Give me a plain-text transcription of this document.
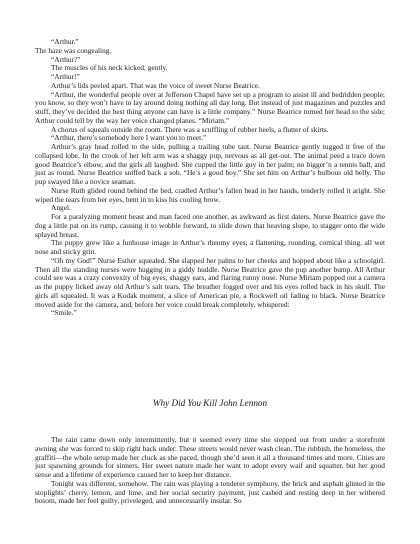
“Arthur.”

The haze was congealing.

“Arthur?”

The muscles of his neck kicked, gently.

“Arthur!”

Arthur’s lids peeled apart. That was the voice of sweet Nurse Beatrice.

“Arthur, the wonderful people over at Jefferson Chapel have set up a program to assist ill and bedridden people; you know, so they won’t have to lay around doing nothing all day long. But instead of just magazines and puzzles and stuff, they’ve decided the best thing anyone can have is a little company.” Nurse Beatrice turned her head to the side; Arthur could tell by the way her voice changed planes. “Miriam.”

A chorus of squeals outside the room. There was a scuffling of rubber heels, a flutter of skirts.

“Arthur, there’s somebody here I want you to meet.”

Arthur’s gray head rolled to the side, pulling a trailing tube taut. Nurse Beatrice gently tugged it free of the collapsed lobe. In the crook of her left arm was a shaggy pup, nervous as all get-out. The animal peed a trace down good Beatrice’s elbow, and the girls all laughed. She cupped the little guy in her palm; no bigger’n a tennis ball, and just as round. Nurse Beatrice sniffed back a sob. “He’s a good boy.” She set him on Arthur’s bulbous old belly. The pup swayed like a novice seaman.

Nurse Ruth glided round behind the bed, cradled Arthur’s fallen head in her hands, tenderly rolled it aright. She wiped the tears from her eyes, bent in to kiss his cooling brow.

Angel.

For a paralyzing moment beast and man faced one another, as awkward as first daters. Nurse Beatrice gave the dog a little pat on its rump, causing it to wobble forward, to slide down that heaving slope, to stagger onto the wide splayed breast.

The puppy grew like a funhouse image in Arthur’s rheumy eyes; a flattening, rounding, comical thing, all wet nose and sticky grin.

“Oh my God!” Nurse Esther squealed. She slapped her palms to her cheeks and hopped about like a schoolgirl. Then all the standing nurses were hugging in a giddy huddle. Nurse Beatrice gave the pup another bump. All Arthur could see was a crazy convexity of big eyes, shaggy ears, and flaring runny nose. Nurse Miriam popped out a camera as the puppy licked away old Arthur’s salt tears. The breather fogged over and his eyes rolled back in his skull. The girls all squealed. It was a Kodak moment, a slice of American pie, a Rockwell oil fading to black. Nurse Beatrice moved aside for the camera, and, before her voice could break completely, whispered:

“Smile.”

Why Did You Kill John Lennon

The rain came down only intermittently, but it seemed every time she stepped out from under a storefront awning she was forced to skip right back under. These streets would never wash clean. The rubbish, the homeless, the graffiti—the whole setup made her cluck as she paced, though she’d seen it all a thousand times and more. Cities are just spawning grounds for sinners. Her sweet nature made her want to adopt every waif and squatter, but her good sense and a lifetime of experience caused her to keep her distance.

Tonight was different, somehow. The rain was playing a tenderer symphony, the brick and asphalt glinted in the stoplights’ cherry, lemon, and lime, and her social security payment, just cashed and resting deep in her withered bosom, made her feel guilty, priveleged, and unnecessarily insular. So
